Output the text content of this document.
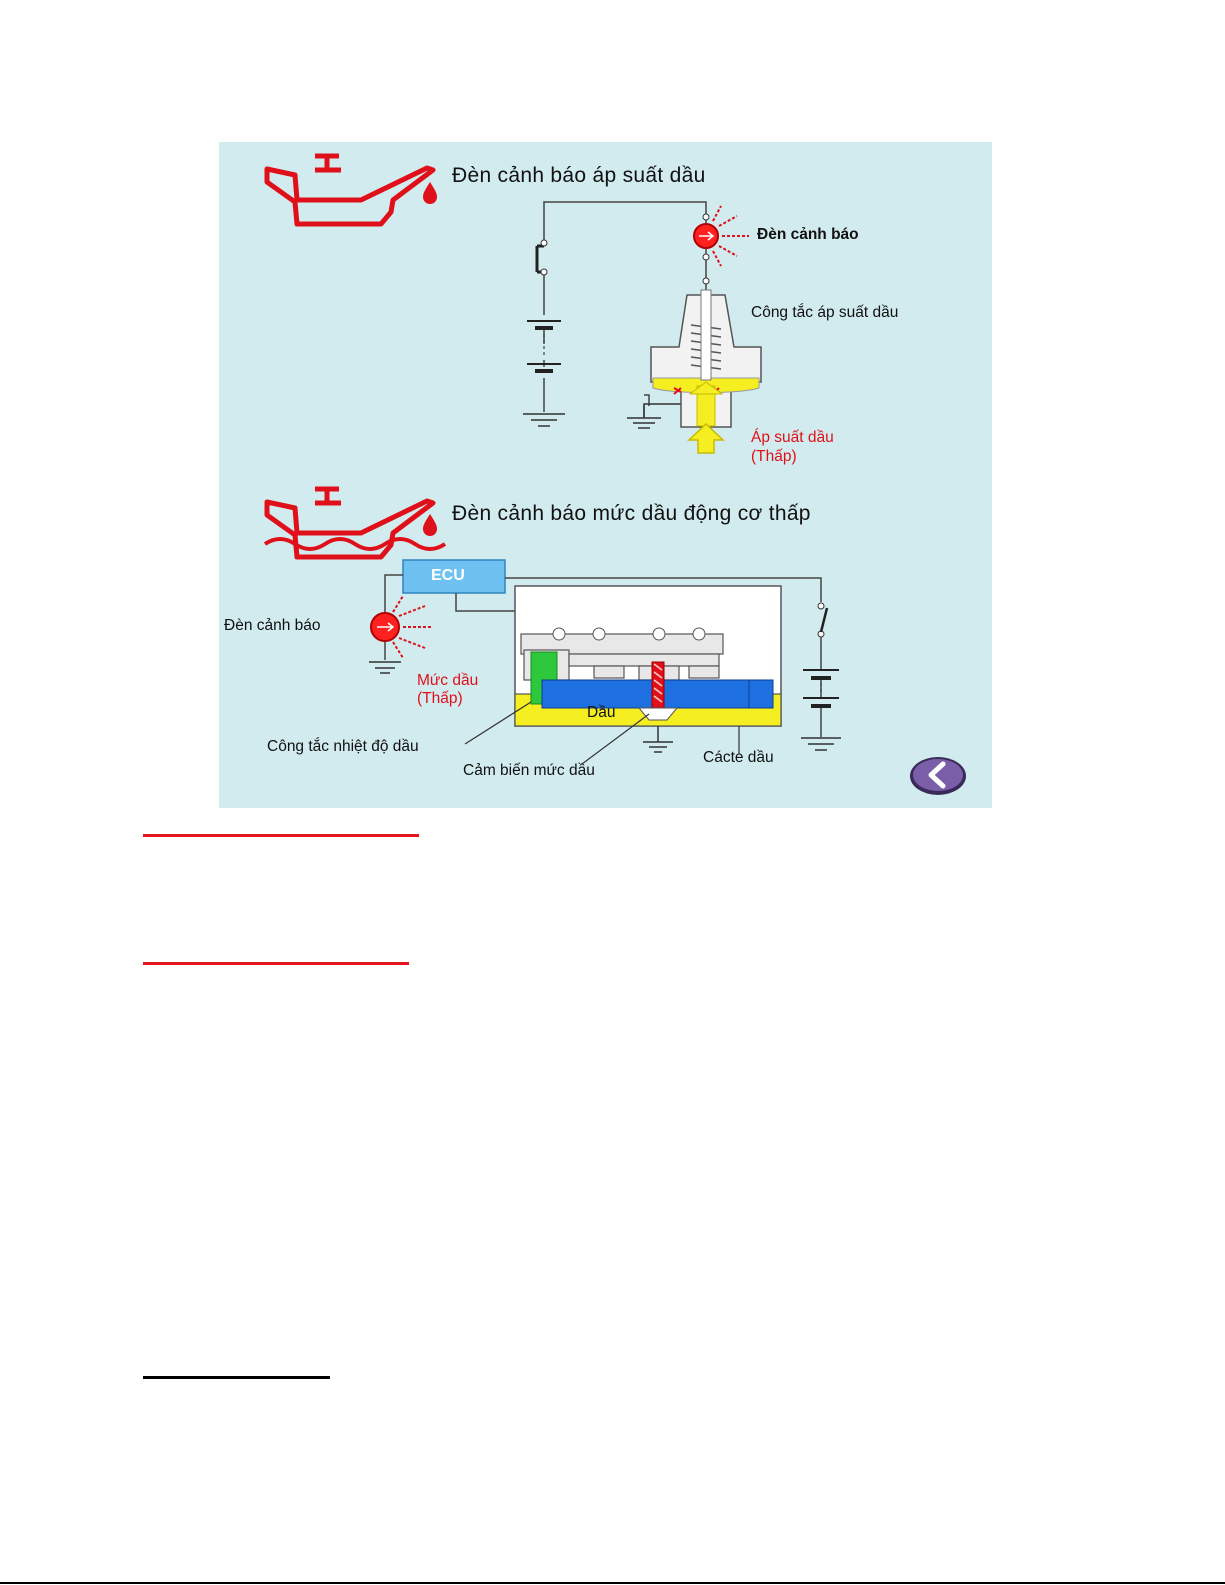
Đèn cảnh báo áp suất dầu
Đèn cảnh báo
Công tắc áp suất dầu
Áp suất dầu
(Thấp)
Đèn cảnh báo mức dầu động cơ thấp
ECU
Đèn cảnh báo
Mức dầu
(Thấp)
Dầu
Công tắc nhiệt độ dầu
Cảm biến mức dầu
Cácte dầu
